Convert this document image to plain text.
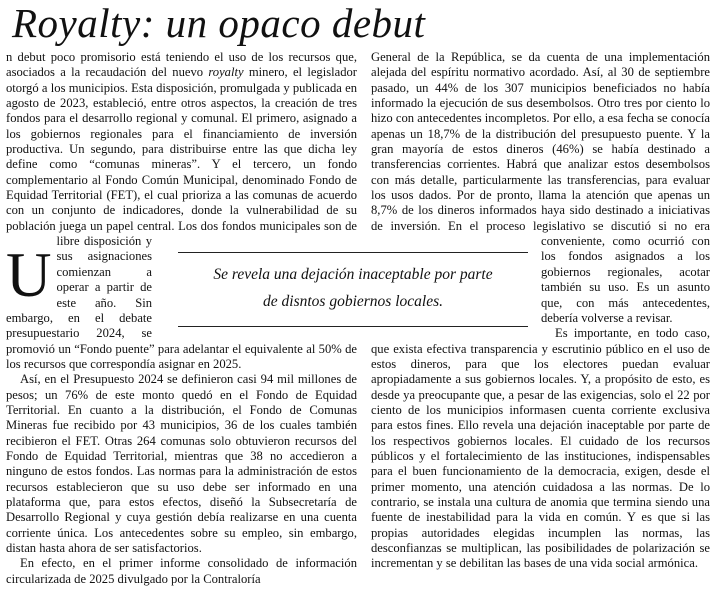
Royalty: un opaco debut

U
n debut poco promisorio está teniendo el uso de los recursos que, asociados a la recaudación del nuevo royalty minero, el legislador otorgó a los municipios. Esta disposición, promulgada y publicada en agosto de 2023, estableció, entre otros aspectos, la creación de tres fondos para el desarrollo regional y comunal. El primero, asignado a los gobiernos regionales para el financiamiento de inversión productiva. Un segundo, para distribuirse entre las que dicha ley define como “comunas mineras”. Y el tercero, un fondo complementario al Fondo Común Municipal, denominado Fondo de Equidad Territorial (FET), el cual prioriza a las comunas de acuerdo con un conjunto de indicadores, donde la vulnerabilidad de su población juega un papel central. Los dos fondos municipales son de libre disposición y sus asignaciones comienzan a operar a partir de este año. Sin embargo, en el debate presupuestario 2024, se promovió un “Fondo puente” para adelantar el equivalente al 50% de los recursos que correspondía asignar en 2025.

Así, en el Presupuesto 2024 se definieron casi 94 mil millones de pesos; un 76% de este monto quedó en el Fondo de Equidad Territorial. En cuanto a la distribución, el Fondo de Comunas Mineras fue recibido por 43 municipios, 36 de los cuales también recibieron el FET. Otras 264 comunas solo obtuvieron recursos del Fondo de Equidad Territorial, mientras que 38 no accedieron a ninguno de estos fondos. Las normas para la administración de estos recursos establecieron que su uso debe ser informado en una plataforma que, para estos efectos, diseñó la Subsecretaría de Desarrollo Regional y cuya gestión debía realizarse en una cuenta corriente única. Los antecedentes sobre su empleo, sin embargo, distan hasta ahora de ser satisfactorios.

En efecto, en el primer informe consolidado de información circularizada de 2025 divulgado por la Contraloría

General de la República, se da cuenta de una implementación alejada del espíritu normativo acordado. Así, al 30 de septiembre pasado, un 44% de los 307 municipios beneficiados no había informado la ejecución de sus desembolsos. Otro tres por ciento lo hizo con antecedentes incompletos. Por ello, a esa fecha se conocía apenas un 18,7% de la distribución del presupuesto puente. Y la gran mayoría de estos dineros (46%) se había destinado a transferencias corrientes. Habrá que analizar estos desembolsos con más detalle, particularmente las transferencias, para evaluar los usos dados. Por de pronto, llama la atención que apenas un 8,7% de los dineros informados haya sido destinado a iniciativas de inversión. En el proceso legislativo se discutió si no era conveniente, como ocurrió con los fondos asignados a los gobiernos regionales, acotar también su uso. Es un asunto que, con más antecedentes, debería volverse a revisar.

Es importante, en todo caso, que exista efectiva transparencia y escrutinio público en el uso de estos dineros, para que los electores puedan evaluar apropiadamente a sus gobiernos locales. Y, a propósito de esto, es desde ya preocupante que, a pesar de las exigencias, solo el 22 por ciento de los municipios informasen cuenta corriente exclusiva para estos fines. Ello revela una dejación inaceptable por parte de los respectivos gobiernos locales. El cuidado de los recursos públicos y el fortalecimiento de las instituciones, indispensables para el buen funcionamiento de la democracia, exigen, desde el primer momento, una atención cuidadosa a las normas. De lo contrario, se instala una cultura de anomia que termina siendo una fuente de inestabilidad para la vida en común. Y es que si las propias autoridades elegidas incumplen las normas, las desconfianzas se multiplican, las posibilidades de polarización se incrementan y se debilitan las bases de una vida social armónica.

Se revela una dejación inaceptable por parte
de disntos gobiernos locales.
